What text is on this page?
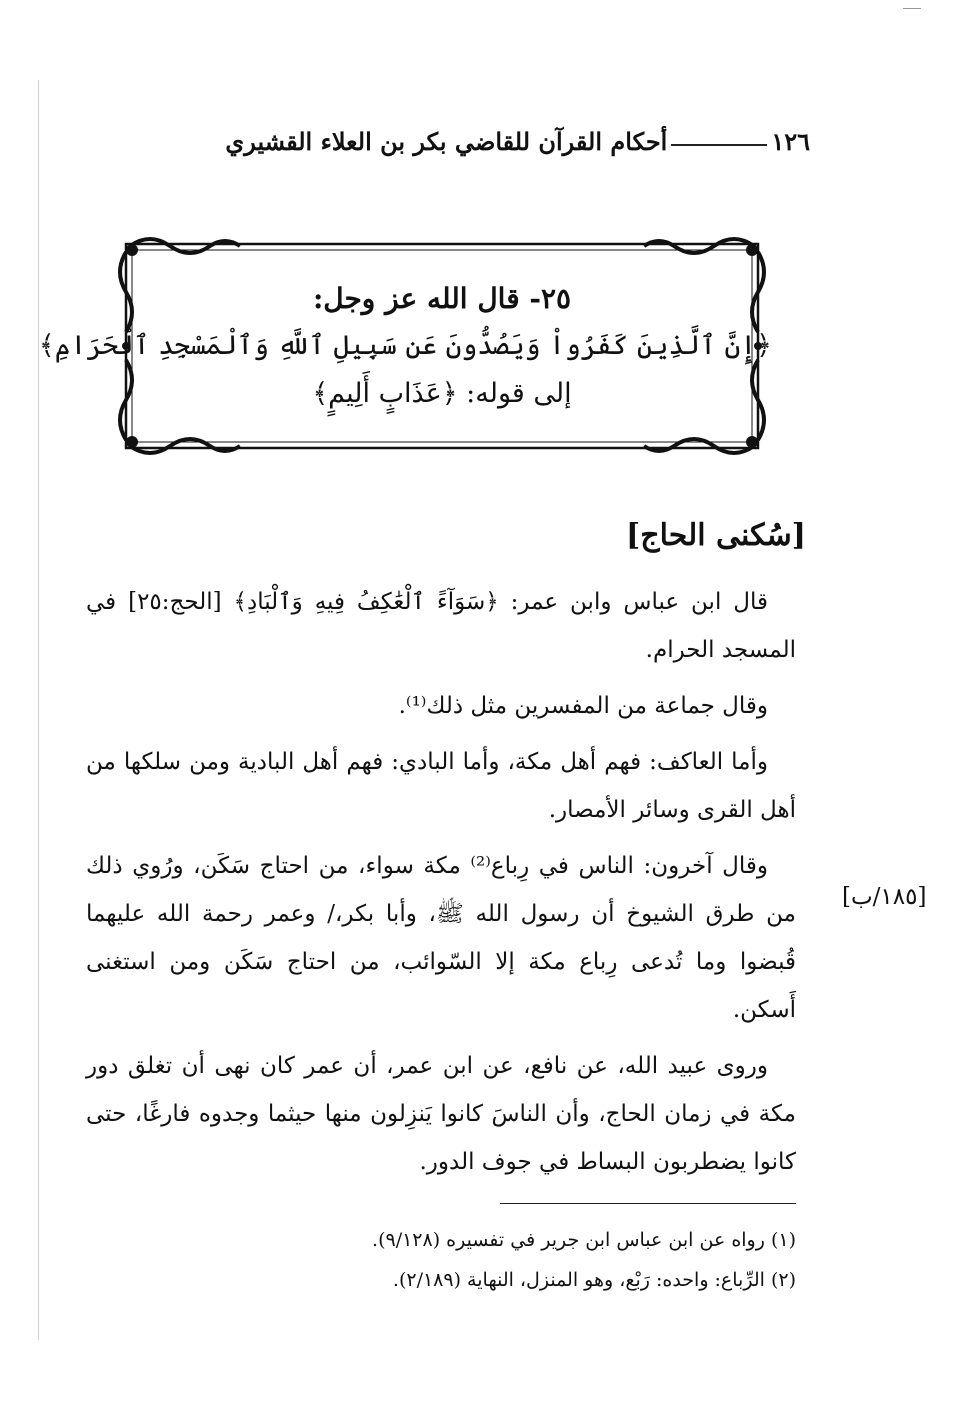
١٢٦
أحكام القرآن للقاضي بكر بن العلاء القشيري
٢٥- قال الله عز وجل:
﴿إِنَّ ٱلَّذِينَ كَفَرُواْ وَيَصُدُّونَ عَن سَبِيلِ ٱللَّهِ وَٱلْمَسْجِدِ ٱلْحَرَامِ﴾
إلى قوله: ﴿عَذَابٍ أَلِيمٍ﴾
[سُكنى الحاج]

قال ابن عباس وابن عمر: ﴿سَوَآءً ٱلْعَٰكِفُ فِيهِ وَٱلْبَادِ﴾ [الحج:٢٥] في المسجد الحرام.

وقال جماعة من المفسرين مثل ذلك⁽¹⁾.

وأما العاكف: فهم أهل مكة، وأما البادي: فهم أهل البادية ومن سلكها من أهل القرى وسائر الأمصار.

وقال آخرون: الناس في رِباع⁽²⁾ مكة سواء، من احتاج سَكَن، ورُوي ذلك من طرق الشيوخ أن رسول الله ﷺ، وأبا بكر،/ وعمر رحمة الله عليهما قُبضوا وما تُدعى رِباع مكة إلا السّوائب، من احتاج سَكَن ومن استغنى أَسكن.

وروى عبيد الله، عن نافع، عن ابن عمر، أن عمر كان نهى أن تغلق دور مكة في زمان الحاج، وأن الناسَ كانوا يَنزِلون منها حيثما وجدوه فارغًا، حتى كانوا يضطربون البساط في جوف الدور.

[١٨٥/ب]

(١) رواه عن ابن عباس ابن جرير في تفسيره (٩/١٢٨).

(٢) الرِّباع: واحده: رَبْع، وهو المنزل، النهاية (٢/١٨٩).
